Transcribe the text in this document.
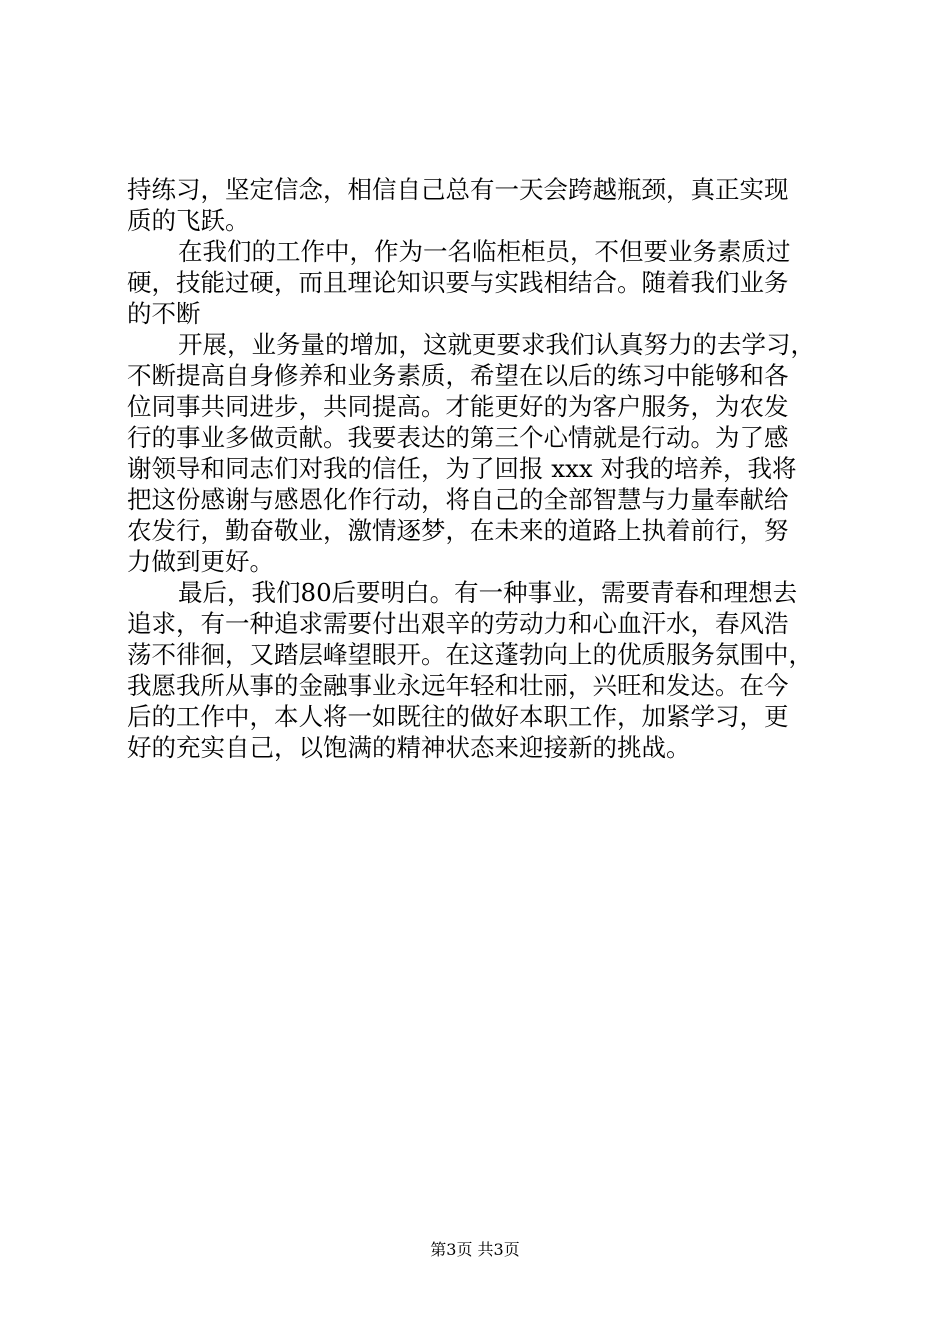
持练习，坚定信念，相信自己总有一天会跨越瓶颈，真正实现
质的飞跃。
在我们的工作中，作为一名临柜柜员，不但要业务素质过
硬，技能过硬，而且理论知识要与实践相结合。随着我们业务
的不断
开展，业务量的增加，这就更要求我们认真努力的去学习，
不断提高自身修养和业务素质，希望在以后的练习中能够和各
位同事共同进步，共同提高。才能更好的为客户服务，为农发
行的事业多做贡献。我要表达的第三个心情就是行动。为了感
谢领导和同志们对我的信任，为了回报 xxx 对我的培养，我将
把这份感谢与感恩化作行动，将自己的全部智慧与力量奉献给
农发行，勤奋敬业，激情逐梦，在未来的道路上执着前行，努
力做到更好。
最后，我们80后要明白。有一种事业，需要青春和理想去
追求，有一种追求需要付出艰辛的劳动力和心血汗水，春风浩
荡不徘徊，又踏层峰望眼开。在这蓬勃向上的优质服务氛围中，
我愿我所从事的金融事业永远年轻和壮丽，兴旺和发达。在今
后的工作中，本人将一如既往的做好本职工作，加紧学习，更
好的充实自己，以饱满的精神状态来迎接新的挑战。
第3页 共3页
